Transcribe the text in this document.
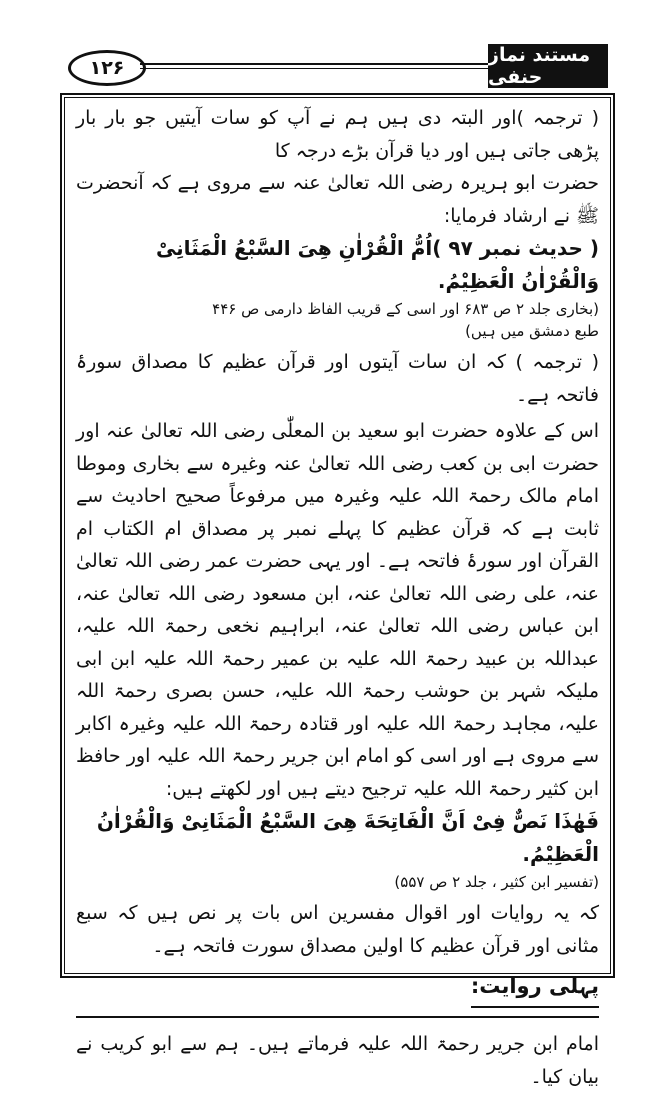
مستند نماز حنفی
۱۲۶

( ترجمہ )اور البتہ دی ہیں ہم نے آپ کو سات آیتیں جو بار بار پڑھی جاتی ہیں اور دیا قرآن بڑے درجہ کا

حضرت ابو ہریرہ رضی اللہ تعالیٰ عنہ سے مروی ہے کہ آنحضرت ﷺ نے ارشاد فرمایا:

( حدیث نمبر ۹۷ )اُمُّ الْقُرْاٰنِ هِیَ السَّبْعُ الْمَثَانِیْ وَالْقُرْاٰنُ الْعَظِیْمُ.

(بخاری جلد ۲ ص ۶۸۳ اور اسی کے قریب الفاظ دارمی ص ۴۴۶

طبع دمشق میں ہیں)

( ترجمہ ) کہ ان سات آیتوں اور قرآن عظیم کا مصداق سورۂ فاتحہ ہے۔

اس کے علاوہ حضرت ابو سعید بن المعلّٰی رضی اللہ تعالیٰ عنہ اور حضرت ابی بن کعب رضی اللہ تعالیٰ عنہ وغیرہ سے بخاری وموطا امام مالک رحمۃ اللہ علیہ وغیرہ میں مرفوعاً صحیح احادیث سے ثابت ہے کہ قرآن عظیم کا پہلے نمبر پر مصداق ام الکتاب ام القرآن اور سورۂ فاتحہ ہے۔ اور یہی حضرت عمر رضی اللہ تعالیٰ عنہ، علی رضی اللہ تعالیٰ عنہ، ابن مسعود رضی اللہ تعالیٰ عنہ، ابن عباس رضی اللہ تعالیٰ عنہ، ابراہیم نخعی رحمۃ اللہ علیہ، عبداللہ بن عبید رحمۃ اللہ علیہ بن عمیر رحمۃ اللہ علیہ ابن ابی ملیکہ شہر بن حوشب رحمۃ اللہ علیہ، حسن بصری رحمۃ اللہ علیہ، مجاہد رحمۃ اللہ علیہ اور قتادہ رحمۃ اللہ علیہ وغیرہ اکابر سے مروی ہے اور اسی کو امام ابن جریر رحمۃ اللہ علیہ اور حافظ ابن کثیر رحمۃ اللہ علیہ ترجیح دیتے ہیں اور لکھتے ہیں:

فَهٰذَا نَصٌّ فِیْ اَنَّ الْفَاتِحَةَ هِیَ السَّبْعُ الْمَثَانِیْ وَالْقُرْاٰنُ الْعَظِیْمُ.

(تفسیر ابن کثیر ، جلد ۲ ص ۵۵۷)

کہ یہ روایات اور اقوال مفسرین اس بات پر نص ہیں کہ سبع مثانی اور قرآن عظیم کا اولین مصداق سورت فاتحہ ہے۔

پہلی روایت:

امام ابن جریر رحمۃ اللہ علیہ فرماتے ہیں۔ ہم سے ابو کریب نے بیان کیا۔
